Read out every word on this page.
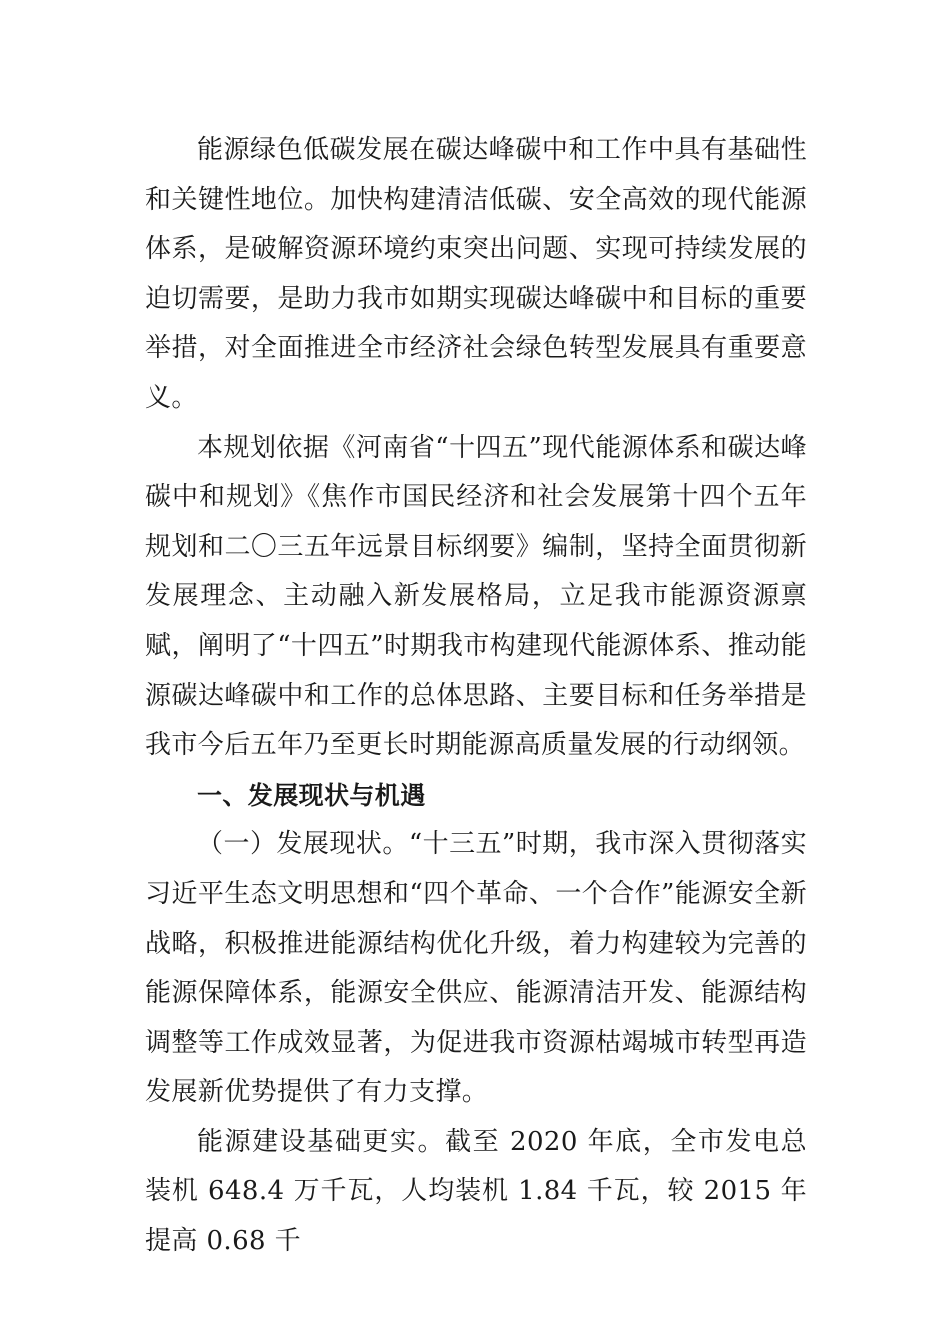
能源绿色低碳发展在碳达峰碳中和工作中具有基础性和关键性地位。加快构建清洁低碳、安全高效的现代能源体系，是破解资源环境约束突出问题、实现可持续发展的迫切需要，是助力我市如期实现碳达峰碳中和目标的重要举措，对全面推进全市经济社会绿色转型发展具有重要意义。

本规划依据《河南省“十四五”现代能源体系和碳达峰碳中和规划》《焦作市国民经济和社会发展第十四个五年规划和二〇三五年远景目标纲要》编制，坚持全面贯彻新发展理念、主动融入新发展格局，立足我市能源资源禀赋，阐明了“十四五”时期我市构建现代能源体系、推动能源碳达峰碳中和工作的总体思路、主要目标和任务举措是我市今后五年乃至更长时期能源高质量发展的行动纲领。

一、发展现状与机遇

（一）发展现状。“十三五”时期，我市深入贯彻落实习近平生态文明思想和“四个革命、一个合作”能源安全新战略，积极推进能源结构优化升级，着力构建较为完善的能源保障体系，能源安全供应、能源清洁开发、能源结构调整等工作成效显著，为促进我市资源枯竭城市转型再造发展新优势提供了有力支撑。

能源建设基础更实。截至 2020 年底，全市发电总装机 648.4 万千瓦，人均装机 1.84 千瓦，较 2015 年提高 0.68 千
